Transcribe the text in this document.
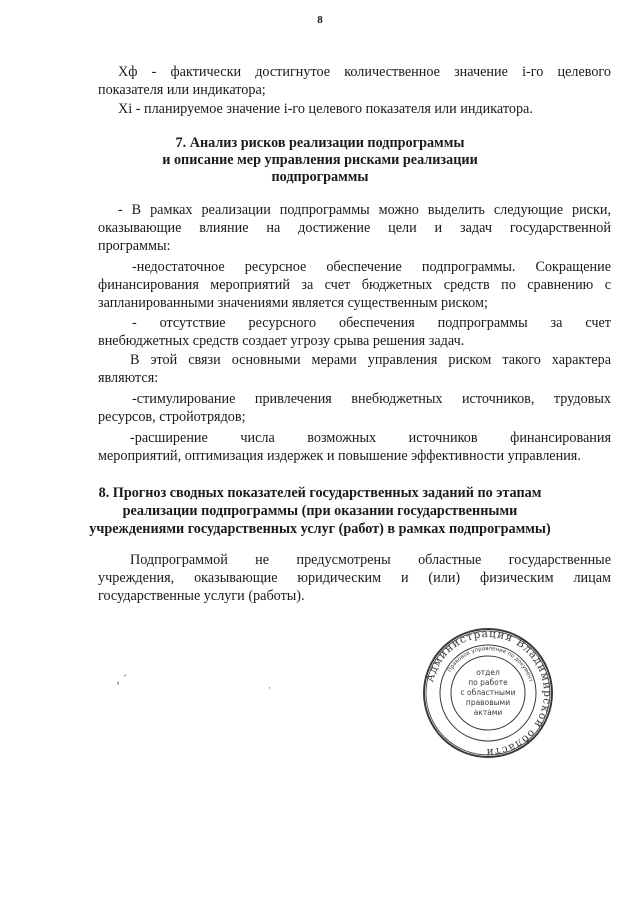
8
Хф - фактически достигнутое количественное значение i-го целевого
показателя или индикатора;
Xi - планируемое значение i-го целевого показателя или индикатора.
7. Анализ рисков реализации подпрограммы
и описание мер управления рисками реализации
подпрограммы
- В рамках реализации подпрограммы можно выделить следующие риски,
оказывающие влияние на достижение цели и задач государственной
программы:
-недостаточное ресурсное обеспечение подпрограммы. Сокращение
финансирования мероприятий за счет бюджетных средств по сравнению с
запланированными значениями является существенным риском;
- отсутствие ресурсного обеспечения подпрограммы за счет
внебюджетных средств создает угрозу срыва решения задач.
В этой связи основными мерами управления риском такого характера
являются:
-стимулирование привлечения внебюджетных источников, трудовых
ресурсов, стройотрядов;
-расширение числа возможных источников финансирования
мероприятий, оптимизация издержек и повышение эффективности управления.
8. Прогноз сводных показателей государственных заданий по этапам
реализации подпрограммы (при оказании государственными
учреждениями государственных услуг (работ) в рамках подпрограммы)
Подпрограммой не предусмотрены областные государственные
учреждения, оказывающие юридическим и (или) физическим лицам
государственные услуги (работы).
‚ ˊ
·
Администрация Владимирской области
Правовое управление по документ
отдел
по работе
с областными
правовыми
актами
